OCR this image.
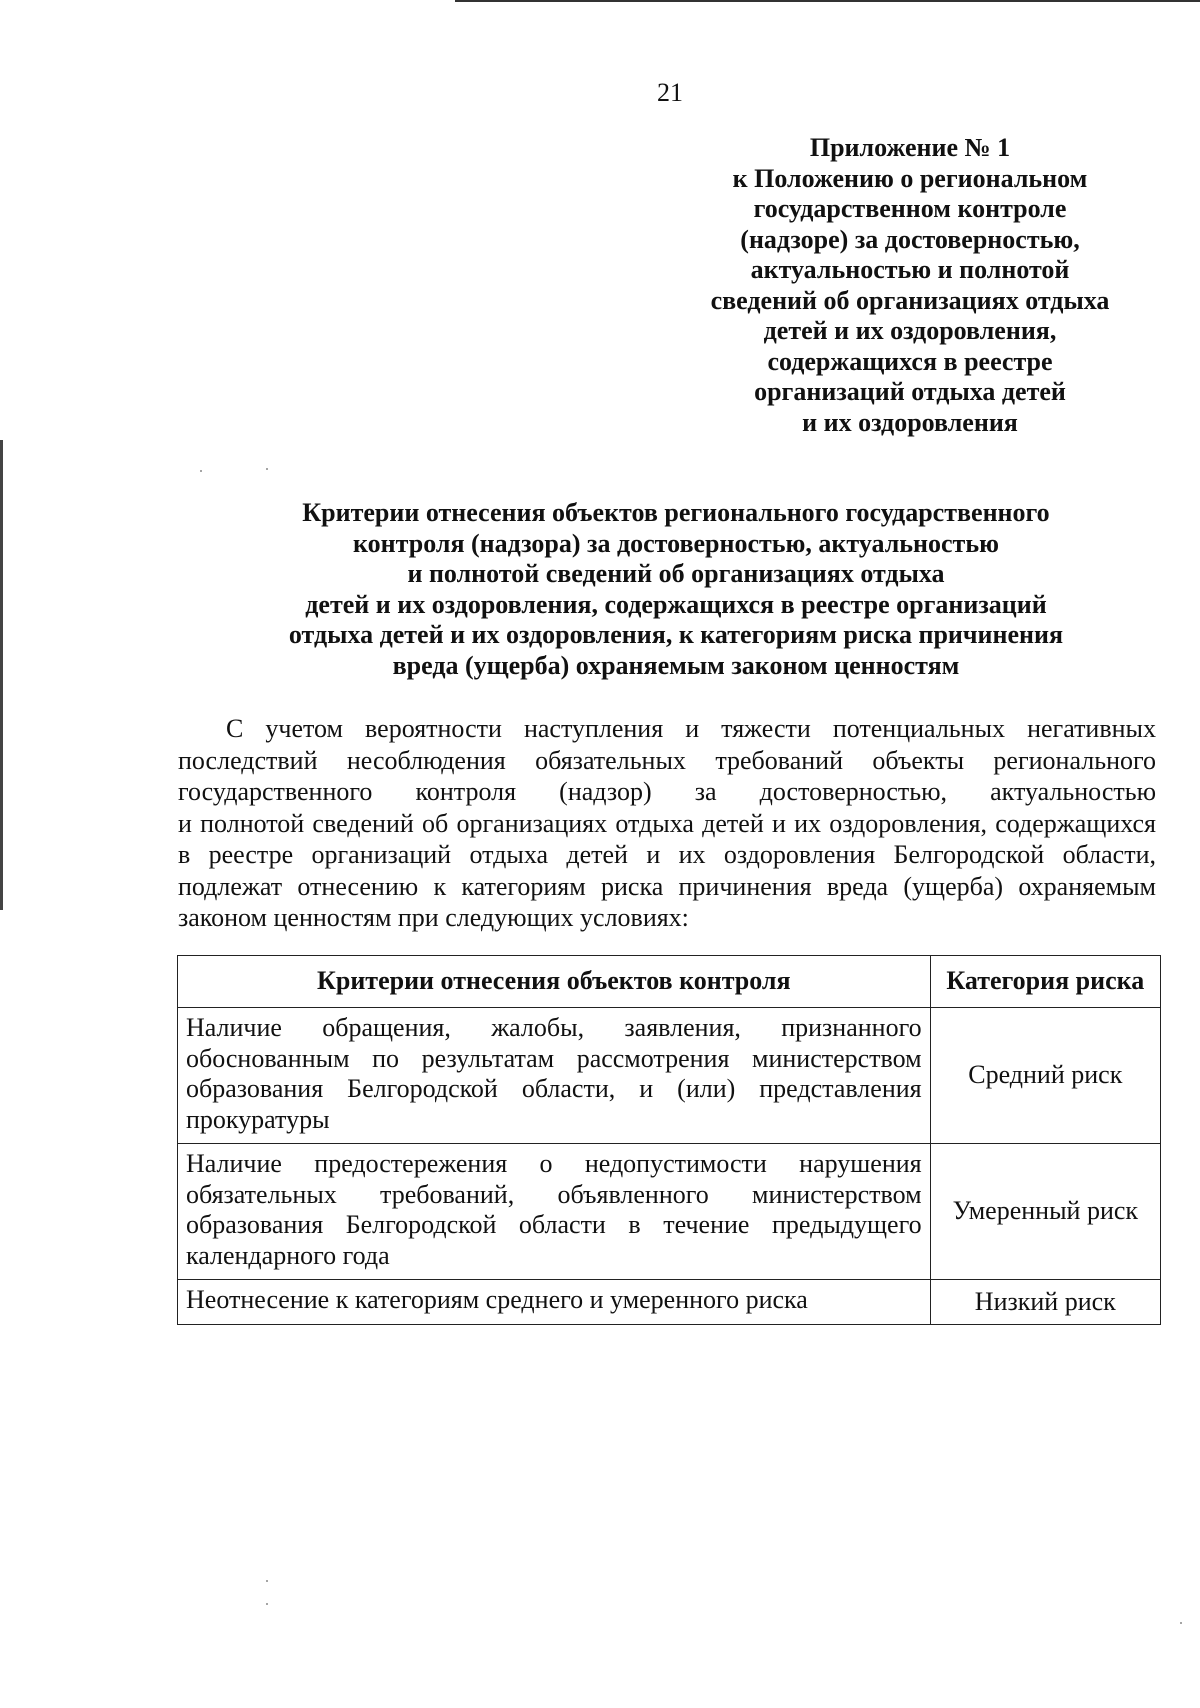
21
Приложение № 1
к Положению о региональном
государственном контроле
(надзоре) за достоверностью,
актуальностью и полнотой
сведений об организациях отдыха
детей и их оздоровления,
содержащихся в реестре
организаций отдыха детей
и их оздоровления
Критерии отнесения объектов регионального государственного
контроля (надзора) за достоверностью, актуальностью
и полнотой сведений об организациях отдыха
детей и их оздоровления, содержащихся в реестре организаций
отдыха детей и их оздоровления, к категориям риска причинения
вреда (ущерба) охраняемым законом ценностям
С учетом вероятности наступления и тяжести потенциальных негативных
последствий несоблюдения обязательных требований объекты регионального
государственного контроля (надзор) за достоверностью, актуальностью
и полнотой сведений об организациях отдыха детей и их оздоровления, содержащихся
в реестре организаций отдыха детей и их оздоровления Белгородской области,
подлежат отнесению к категориям риска причинения вреда (ущерба) охраняемым
законом ценностям при следующих условиях:
Критерии отнесения объектов контроля	Категория риска

Наличие обращения, жалобы, заявления, признанного
обоснованным по результатам рассмотрения министерством
образования Белгородской области, и (или) представления
прокуратуры	Средний риск

Наличие предостережения о недопустимости нарушения
обязательных требований, объявленного министерством
образования Белгородской области в течение предыдущего
календарного года	Умеренный риск

Неотнесение к категориям среднего и умеренного риска	Низкий риск
